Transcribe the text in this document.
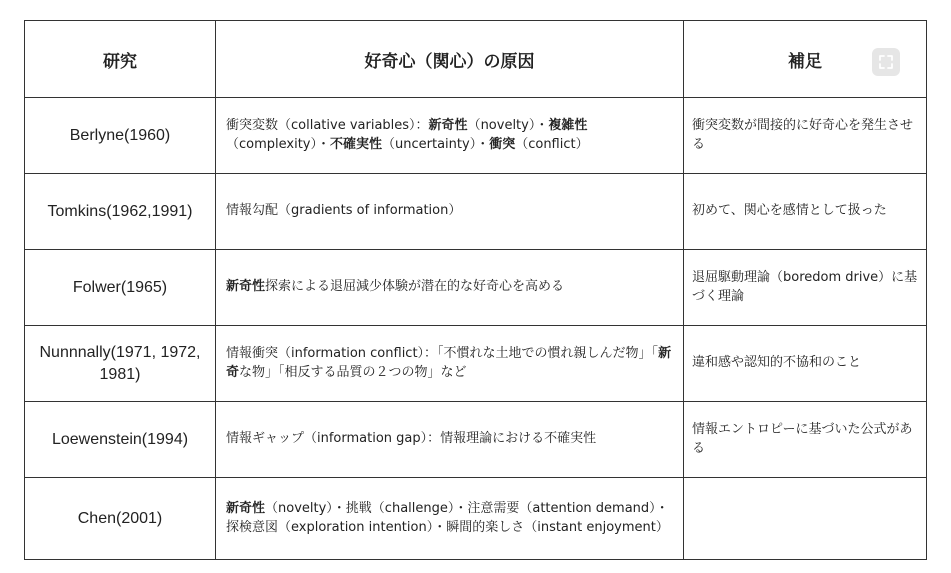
研究	好奇心（関心）の原因	補足

Berlyne(1960)	衝突変数（collative variables）：新奇性（novelty）・複雑性（complexity）・不確実性（uncertainty）・衝突（conflict）	衝突変数が間接的に好奇心を発生させる
Tomkins(1962,1991)	情報勾配（gradients of information）	初めて、関心を感情として扱った
Folwer(1965)	新奇性探索による退屈減少体験が潜在的な好奇心を高める	退屈駆動理論（boredom drive）に基づく理論
Nunnnally(1971, 1972, 1981)	情報衝突（information conflict）：「不慣れな土地での慣れ親しんだ物」「新奇な物」「相反する品質の２つの物」など	違和感や認知的不協和のこと
Loewenstein(1994)	情報ギャップ（information gap）：情報理論における不確実性	情報エントロピーに基づいた公式がある
Chen(2001)	新奇性（novelty）・挑戦（challenge）・注意需要（attention demand）・探検意図（exploration intention）・瞬間的楽しさ（instant enjoyment）	
